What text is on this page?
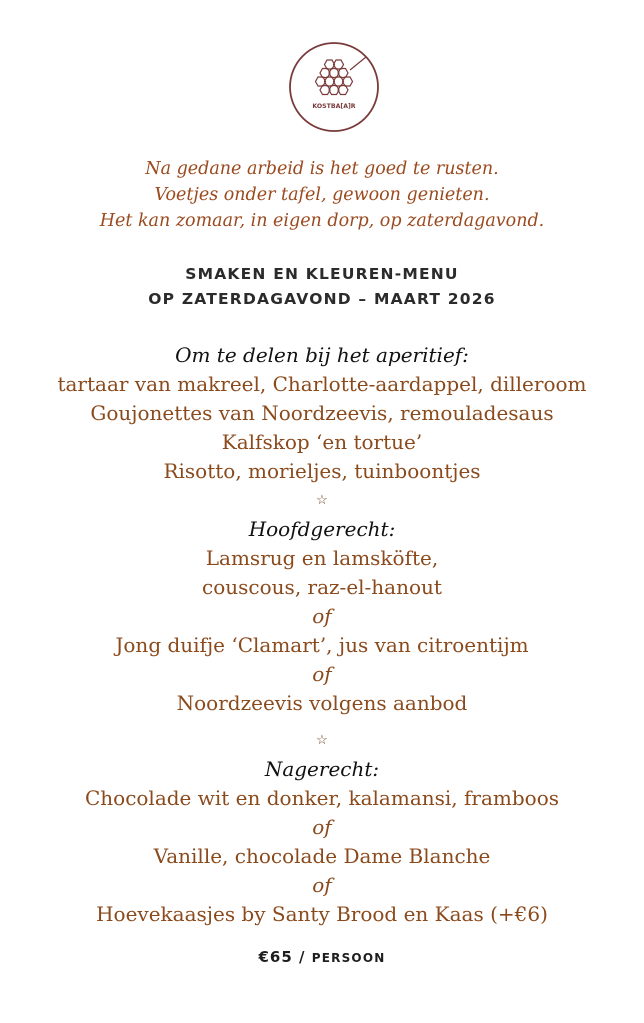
KOSTBA[A]R
Na gedane arbeid is het goed te rusten.
Voetjes onder tafel, gewoon genieten.
Het kan zomaar, in eigen dorp, op zaterdagavond.
SMAKEN EN KLEUREN-MENU
OP ZATERDAGAVOND – MAART 2026
Om te delen bij het aperitief:
tartaar van makreel, Charlotte-aardappel, dilleroom
Goujonettes van Noordzeevis, remouladesaus
Kalfskop ‘en tortue’
Risotto, morieljes, tuinboontjes
☆
Hoofdgerecht:
Lamsrug en lamsköfte,
couscous, raz-el-hanout
of
Jong duifje ‘Clamart’, jus van citroentijm
of
Noordzeevis volgens aanbod
☆
Nagerecht:
Chocolade wit en donker, kalamansi, framboos
of
Vanille, chocolade Dame Blanche
of
Hoevekaasjes by Santy Brood en Kaas (+€6)
€65 / PERSOON
